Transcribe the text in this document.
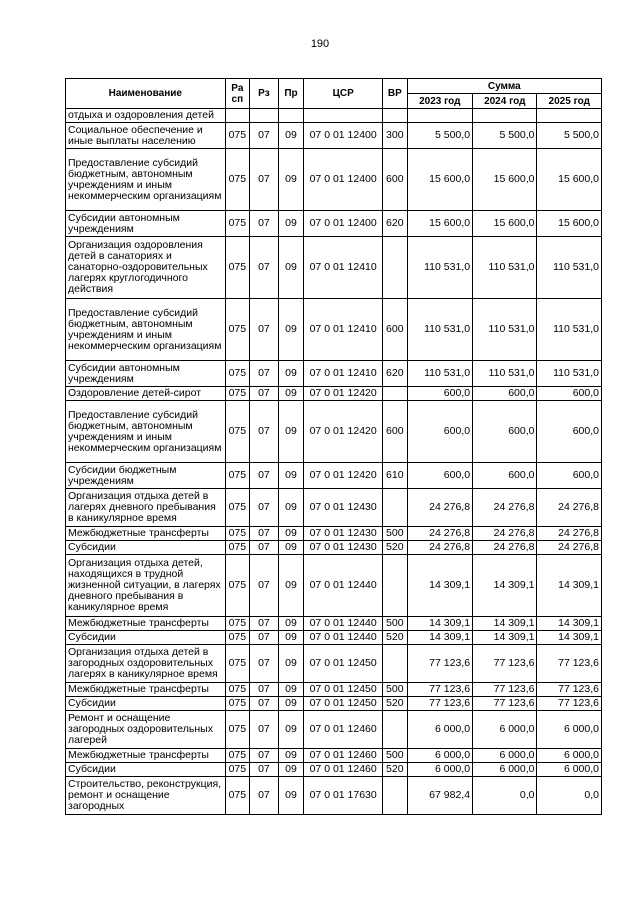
190
Наименование	Ра сп	Рз	Пр	ЦСР	ВР	Сумма		
						2023 год	2024 год	2025 год
отдыха и оздоровления детей								
Социальное обеспечение и иные выплаты населению	075	07	09	07 0 01 12400	300	5 500,0	5 500,0	5 500,0
Предоставление субсидий бюджетным, автономным учреждениям и иным некоммерческим организациям	075	07	09	07 0 01 12400	600	15 600,0	15 600,0	15 600,0
Субсидии автономным учреждениям	075	07	09	07 0 01 12400	620	15 600,0	15 600,0	15 600,0
Организация оздоровления детей в санаториях и санаторно-оздоровительных лагерях круглогодичного действия	075	07	09	07 0 01 12410		110 531,0	110 531,0	110 531,0
Предоставление субсидий бюджетным, автономным учреждениям и иным некоммерческим организациям	075	07	09	07 0 01 12410	600	110 531,0	110 531,0	110 531,0
Субсидии автономным учреждениям	075	07	09	07 0 01 12410	620	110 531,0	110 531,0	110 531,0
Оздоровление детей-сирот	075	07	09	07 0 01 12420		600,0	600,0	600,0
Предоставление субсидий бюджетным, автономным учреждениям и иным некоммерческим организациям	075	07	09	07 0 01 12420	600	600,0	600,0	600,0
Субсидии бюджетным учреждениям	075	07	09	07 0 01 12420	610	600,0	600,0	600,0
Организация отдыха детей в лагерях дневного пребывания в каникулярное время	075	07	09	07 0 01 12430		24 276,8	24 276,8	24 276,8
Межбюджетные трансферты	075	07	09	07 0 01 12430	500	24 276,8	24 276,8	24 276,8
Субсидии	075	07	09	07 0 01 12430	520	24 276,8	24 276,8	24 276,8
Организация отдыха детей, находящихся в трудной жизненной ситуации, в лагерях дневного пребывания в каникулярное время	075	07	09	07 0 01 12440		14 309,1	14 309,1	14 309,1
Межбюджетные трансферты	075	07	09	07 0 01 12440	500	14 309,1	14 309,1	14 309,1
Субсидии	075	07	09	07 0 01 12440	520	14 309,1	14 309,1	14 309,1
Организация отдыха детей в загородных оздоровительных лагерях в каникулярное время	075	07	09	07 0 01 12450		77 123,6	77 123,6	77 123,6
Межбюджетные трансферты	075	07	09	07 0 01 12450	500	77 123,6	77 123,6	77 123,6
Субсидии	075	07	09	07 0 01 12450	520	77 123,6	77 123,6	77 123,6
Ремонт и оснащение загородных оздоровительных лагерей	075	07	09	07 0 01 12460		6 000,0	6 000,0	6 000,0
Межбюджетные трансферты	075	07	09	07 0 01 12460	500	6 000,0	6 000,0	6 000,0
Субсидии	075	07	09	07 0 01 12460	520	6 000,0	6 000,0	6 000,0
Строительство, реконструкция, ремонт и оснащение загородных	075	07	09	07 0 01 17630		67 982,4	0,0	0,0
